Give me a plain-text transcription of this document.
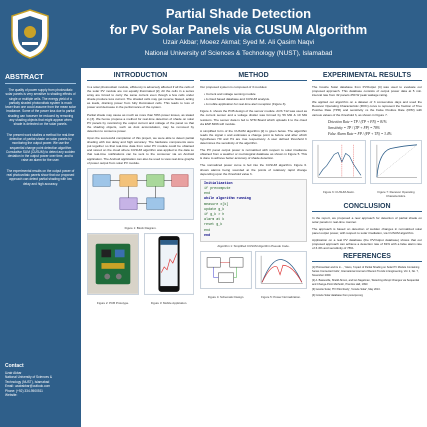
Partial Shade Detection
for PV Solar Panels via CUSUM Algorithm
Uzair Akbar; Moeez Akmal; Syed M. Ali Qasim Naqvi
National University of Sciences & Technology (NUST), Islamabad
ABSTRACT

The quality of power supply from photovoltaic solar panels is very sensitive to shading effects of single or multiple cells. The energy yield of a partially shaded photovoltaic system is much lower than one could assume from the mean solar irradiance. Some of the power loss due to partial shading can however be reduced by removing any shading objects that might appear when shade is detected on the solar panels.

The present work studies a method for real-time detection of partial shade on solar panels by monitoring the output power. We use the sequential change point detection algorithm Cumulative SUM (CUSUM) to detect any sudden deviation in the output power over time, and to raise an alarm for the user.

The experimental results on the output power of real photovoltaic panels show that our proposed approach can detect partial shading with low delay and high accuracy.

Contact
Uzair Akbar
National University of Sciences &
Technology (NUST), Islamabad
Email: uzairakbar@outlook.com
Phone: (+92) 334-9500511
Website:
INTRODUCTION

In a solar photovoltaic module, efficiency is adversely affected if all the cells of the solar PV module are not equally illuminated [2]. All the cells in a series array are forced to carry the same current even though a few cells under shade produce less current. The shaded cells may get reverse biased, acting as loads, draining power from fully illuminated cells. This leads to loss of power and decrease in the performance of the system.

Partial shade may cause as much as more than 50% power losses, as stated in [3]. We hence propose a method for real-time detection of shade on solar PV panels by monitoring the output current and voltage of the panel so that the shading objects, such as dust accumulation, may be removed by detection to conserve power.

Upon the successful completion of this project, we were able to detect partial shading with low delay and high accuracy. The hardware components were put together so that real-time data from solar PV module could be obtained and stored on the cloud where CUSUM algorithm was applied to the data so that real-time notifications can be sent to the consumer via an Android application. The Android application can also be used to view real-time graphs of power output from solar PV module.

Figure 1: Block Diagram.
Figure 2: PCB Prototype.	Figure 3: Mobile Application.
METHOD

Our proposed system is composed of 3 modules:

• Current and voltage sensing module
• A cloud based database and CUSUM analysis.
• A mobile application for real-time alert reception (Figure 3).

Figure 4. shows the PCB design of the sensor module. ACS 712 was used as the current sensor and a voltage divider was formed by 56 MΩ & 10 MΩ resistors. The sensor data is fed to STM Board which uploads it to the cloud via ESP 8266 wifi module.

A simplified form of the CUSUM algorithm [2] is given below. The algorithm reads the signal x and estimates a change point ta before and after which hypotheses H0 and H1 are true respectively. A user defined threshold h determines the sensitivity of the algorithm.

The PV panel output power is normalized with respect to solar irradiance obtained from a weather or metrological database as shown in Figure 5. This is done to achieve better accuracy of shade detection.

The normalized power curve is fed into the CUSUM algorithm. Figure 6. shows alarms being sounded at the points of relatively rapid change depending upon the threshold value h.

Initialization
if precompute
end
while algorithm running
measure x[k]
update g_k
if g_k > h
alarm at k
reset g_k
end
end
Algorithm 1: Simplified CUSUM Algorithm Pseudo Code.
Figure 4: Schematic Design.	Figure 5: Power Normalization.
EXPERIMENTAL RESULTS

The Cowrie Solar database from PVOutput [4] was used to evaluate our proposed approach. This database consists of output power data at 5 min. interval rate from 32 panels 250 W peak wattage rating.

We applied our algorithm on a dataset of 3 consecutive days and used the Receiver Operating Characteristic (ROC) curve to represent the fraction of True Positive Rate (TPR) and sensitivity vs the False Positive Rate (FPR) with various values of the threshold h, as shown in Figure 7.

Detection Rate = TP / (TP + FN) = 81%
Sensitivity = TP / (TP + FP) = 78%
False Alarm Rate = FP / (FP + TN) = 3.4%
Figure 6: CUSUM Alarm.	Figure 7: Receiver Operating Characteristics.
CONCLUSION

In the report, we proposed a new approach for detection of partial shade on solar panels in real-time manner.

The approach is based on detection of sudden changes in normalized solar panel output power, with respect to solar irradiation, via CUSUM algorithm.

Application on a real PV database (the PVOutput database) shows that our proposed approach can achieve a detection rate of 81% with a false alarm rate of 3.4% and sensitivity of 78%.

REFERENCES
[1] Photovoltaic and its in..., Yokoo, 'Impact of Partial Shading on Solar PV Module Containing Series Connected Cells', International Journal of Recent Trends in Engineering, Vol. 2, No. 7, November 2009.
[2] A. Basseville, Shelld-Simon, and Ian Nagelman, 'Detecting Abrupt Changes via Sequential and Change-Point Methods', Prentice Hall, 1993.
[3] Gowrie Solar, 'PV Pilot-Study', 'Cowrie Solar', May 2013.
[4] Cowrie Solar database from pvoutput.org
